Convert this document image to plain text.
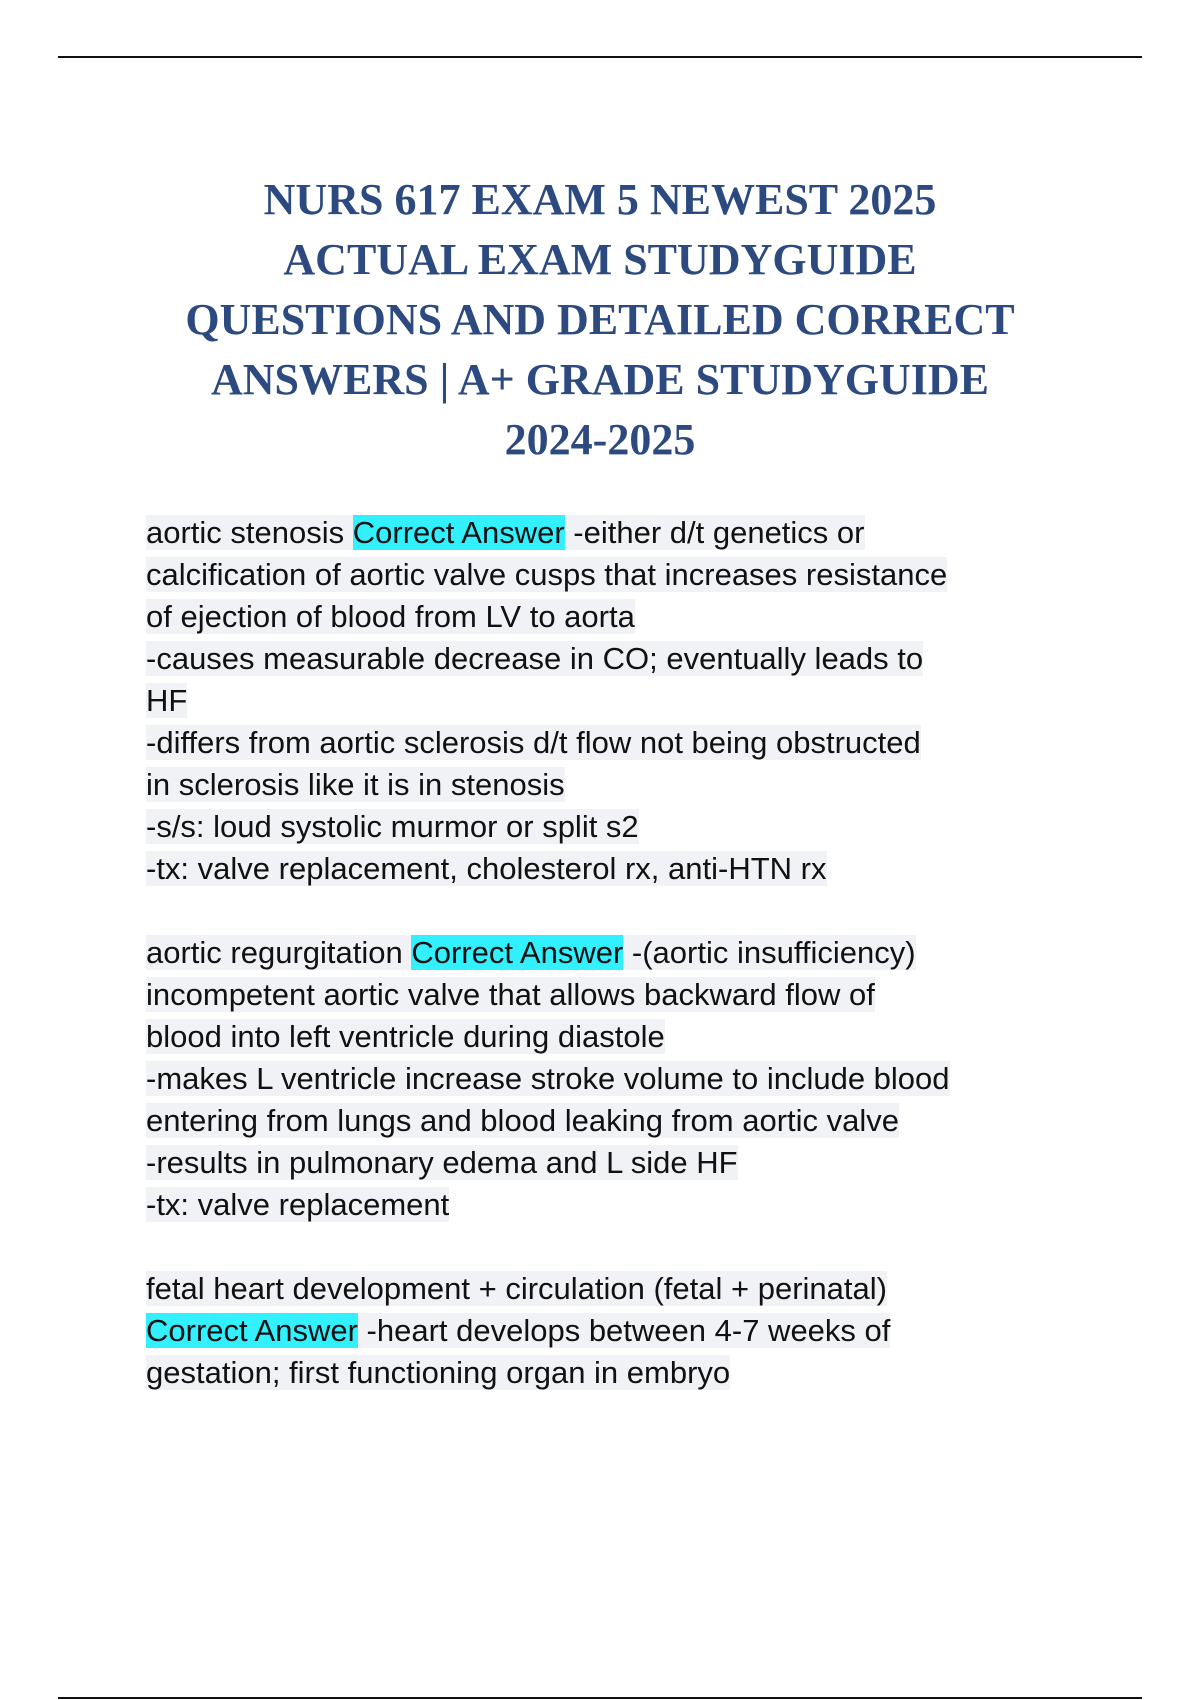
NURS 617 EXAM 5 NEWEST 2025
ACTUAL EXAM STUDYGUIDE
QUESTIONS AND DETAILED CORRECT
ANSWERS | A+ GRADE STUDYGUIDE
2024-2025
aortic stenosis Correct Answer -either d/t genetics or
calcification of aortic valve cusps that increases resistance
of ejection of blood from LV to aorta
-causes measurable decrease in CO; eventually leads to
HF
-differs from aortic sclerosis d/t flow not being obstructed
in sclerosis like it is in stenosis
-s/s: loud systolic murmor or split s2
-tx: valve replacement, cholesterol rx, anti-HTN rx
aortic regurgitation Correct Answer -(aortic insufficiency)
incompetent aortic valve that allows backward flow of
blood into left ventricle during diastole
-makes L ventricle increase stroke volume to include blood
entering from lungs and blood leaking from aortic valve
-results in pulmonary edema and L side HF
-tx: valve replacement
fetal heart development + circulation (fetal + perinatal)
Correct Answer -heart develops between 4-7 weeks of
gestation; first functioning organ in embryo
